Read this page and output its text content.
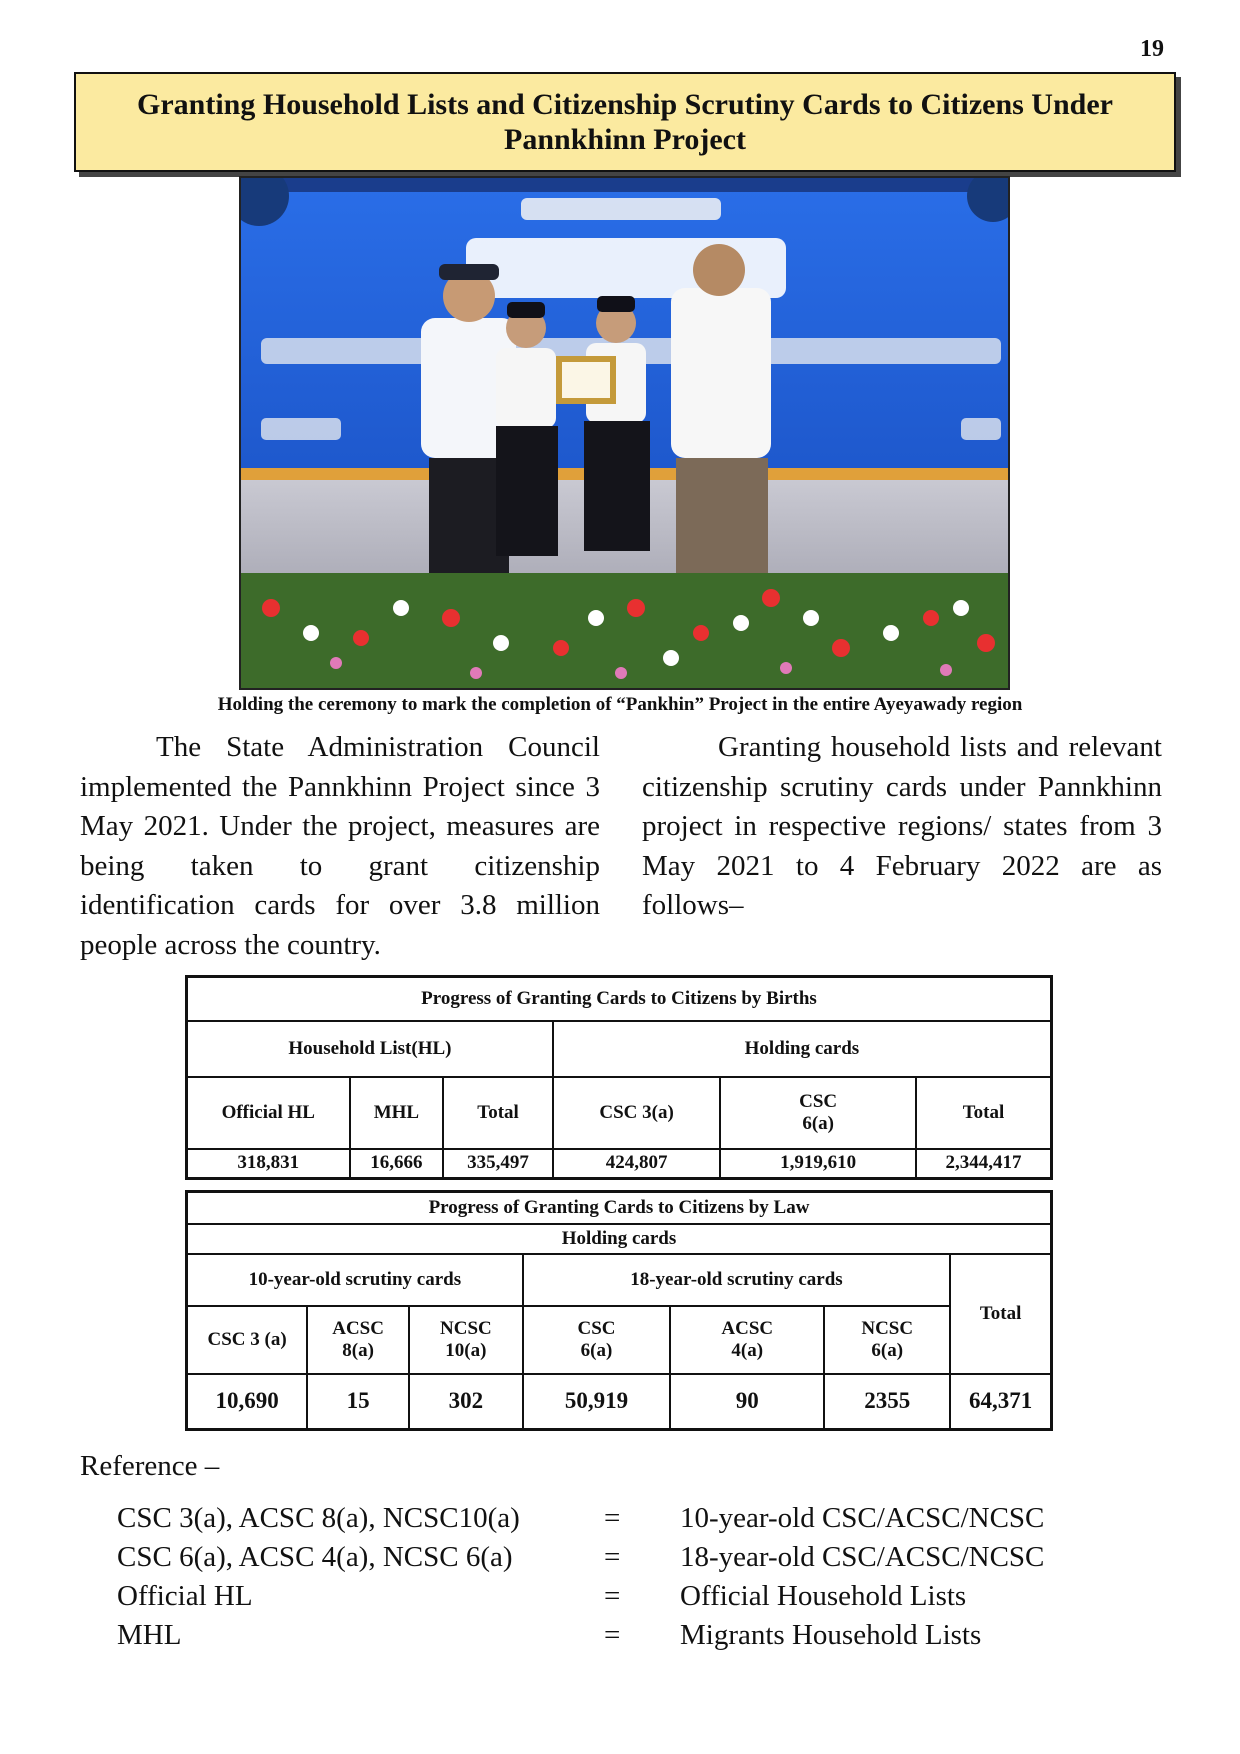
19
Granting Household Lists and Citizenship Scrutiny Cards to Citizens Under Pannkhinn Project
Holding the ceremony to mark the completion of “Pankhin” Project in the entire Ayeyawady region

The State Administration Council implemented the Pannkhinn Project since 3 May 2021. Under the project, measures are being taken to grant citizenship identification cards for over 3.8 million people across the country.

Granting household lists and relevant citizenship scrutiny cards under Pannkhinn project in respective regions/ states from 3 May 2021 to 4 February 2022 are as follows–

Progress of Granting Cards to Citizens by Births					
Household List(HL)			Holding cards		
Official HL	MHL	Total	CSC 3(a)	CSC 6(a)	Total
318,831	16,666	335,497	424,807	1,919,610	2,344,417
Progress of Granting Cards to Citizens by Law						
Holding cards						
10-year-old scrutiny cards			18-year-old scrutiny cards			Total
CSC 3 (a)	ACSC 8(a)	NCSC 10(a)	CSC 6(a)	ACSC 4(a)	NCSC 6(a)	
10,690	15	302	50,919	90	2355	64,371
Reference –
CSC 3(a), ACSC 8(a), NCSC10(a)	= 10-year-old CSC/ACSC/NCSC
CSC 6(a), ACSC 4(a), NCSC 6(a)	= 18-year-old CSC/ACSC/NCSC
Official HL	= Official Household Lists
MHL	= Migrants Household Lists
